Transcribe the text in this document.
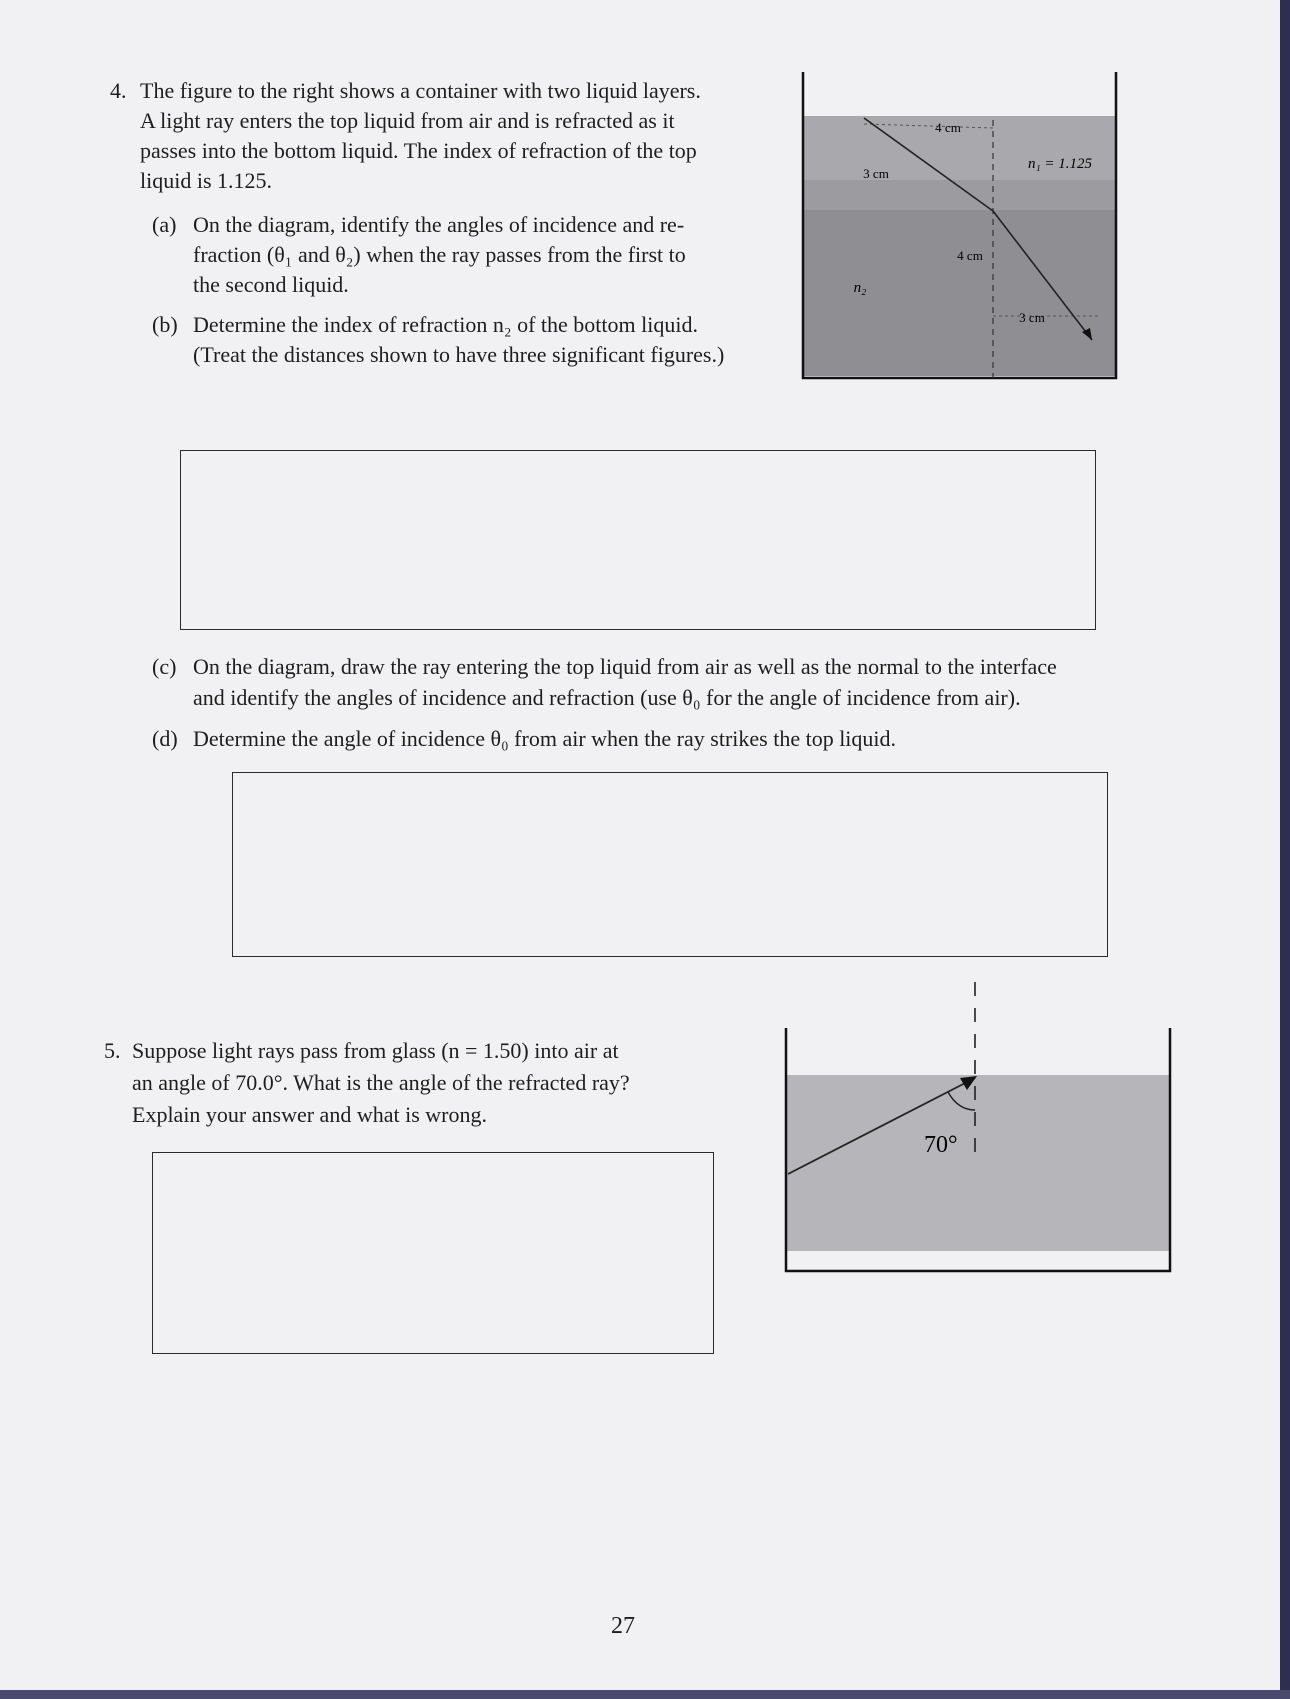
4. The figure to the right shows a container with two liquid layers.

A light ray enters the top liquid from air and is refracted as it

passes into the bottom liquid. The index of refraction of the top

liquid is 1.125.

(a) On the diagram, identify the angles of incidence and re-

fraction (θ₁ and θ₂) when the ray passes from the first to

the second liquid.

(b) Determine the index of refraction n₂ of the bottom liquid.

(Treat the distances shown to have three significant figures.)

4 cm
3 cm
n₁ = 1.125
4 cm
n₂
3 cm
(c) On the diagram, draw the ray entering the top liquid from air as well as the normal to the interface

and identify the angles of incidence and refraction (use θ₀ for the angle of incidence from air).

(d) Determine the angle of incidence θ₀ from air when the ray strikes the top liquid.

5. Suppose light rays pass from glass (n = 1.50) into air at

an angle of 70.0°. What is the angle of the refracted ray?

Explain your answer and what is wrong.

70°
27
